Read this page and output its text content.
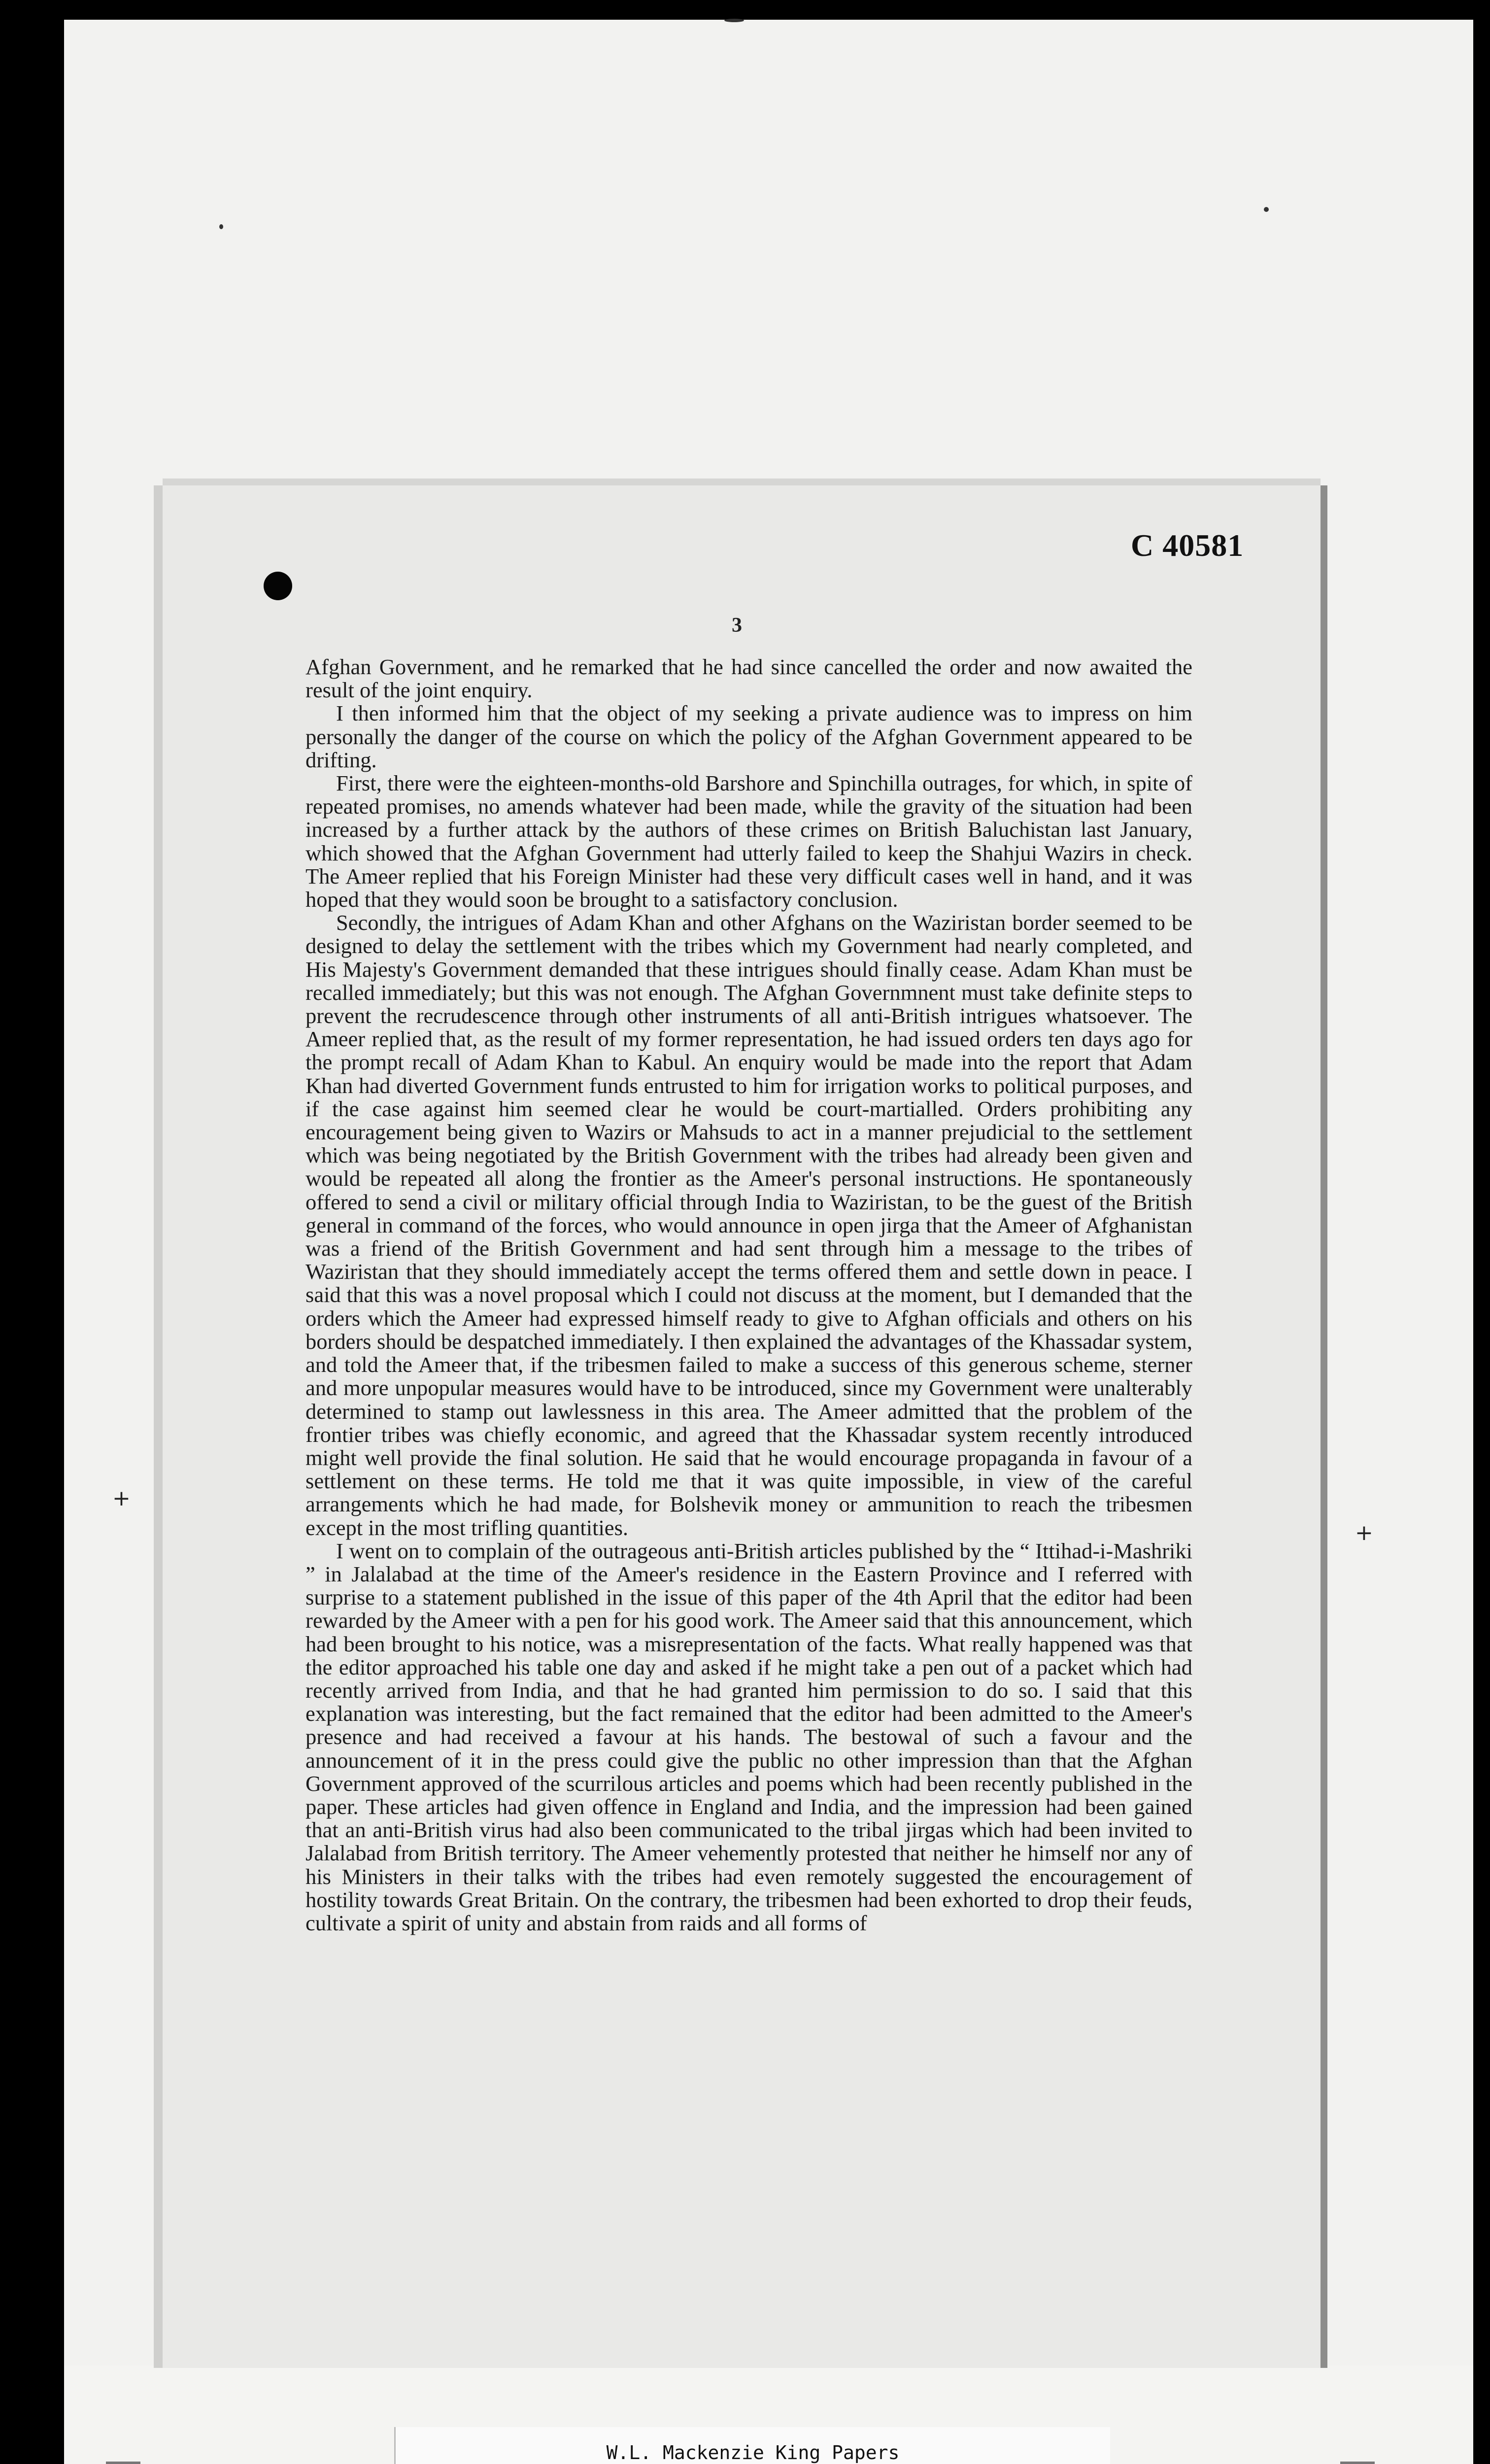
+
+
C 40581
3

Afghan Government, and he remarked that he had since cancelled the order and now awaited the result of the joint enquiry.

I then informed him that the object of my seeking a private audience was to impress on him personally the danger of the course on which the policy of the Afghan Government appeared to be drifting.

First, there were the eighteen-months-old Barshore and Spinchilla outrages, for which, in spite of repeated promises, no amends whatever had been made, while the gravity of the situation had been increased by a further attack by the authors of these crimes on British Baluchistan last January, which showed that the Afghan Government had utterly failed to keep the Shahjui Wazirs in check. The Ameer replied that his Foreign Minister had these very difficult cases well in hand, and it was hoped that they would soon be brought to a satisfactory conclusion.

Secondly, the intrigues of Adam Khan and other Afghans on the Waziristan border seemed to be designed to delay the settlement with the tribes which my Government had nearly completed, and His Majesty's Government demanded that these intrigues should finally cease. Adam Khan must be recalled immediately; but this was not enough. The Afghan Governmnent must take definite steps to prevent the recrudescence through other instruments of all anti-British intrigues whatsoever. The Ameer replied that, as the result of my former representation, he had issued orders ten days ago for the prompt recall of Adam Khan to Kabul. An enquiry would be made into the report that Adam Khan had diverted Government funds entrusted to him for irrigation works to political purposes, and if the case against him seemed clear he would be court-martialled. Orders prohibiting any encouragement being given to Wazirs or Mahsuds to act in a manner prejudicial to the settlement which was being negotiated by the British Government with the tribes had already been given and would be repeated all along the frontier as the Ameer's personal instructions. He spontaneously offered to send a civil or military official through India to Waziristan, to be the guest of the British general in command of the forces, who would announce in open jirga that the Ameer of Afghanistan was a friend of the British Government and had sent through him a message to the tribes of Waziristan that they should immediately accept the terms offered them and settle down in peace. I said that this was a novel proposal which I could not discuss at the moment, but I demanded that the orders which the Ameer had expressed himself ready to give to Afghan officials and others on his borders should be despatched immediately. I then explained the advantages of the Khassadar system, and told the Ameer that, if the tribesmen failed to make a success of this generous scheme, sterner and more unpopular measures would have to be introduced, since my Government were unalterably determined to stamp out lawlessness in this area. The Ameer admitted that the problem of the frontier tribes was chiefly economic, and agreed that the Khassadar system recently introduced might well provide the final solution. He said that he would encourage propaganda in favour of a settlement on these terms. He told me that it was quite impossible, in view of the careful arrangements which he had made, for Bolshevik money or ammunition to reach the tribesmen except in the most trifling quantities.

I went on to complain of the outrageous anti-British articles published by the “ Ittihad-i-Mashriki ” in Jalalabad at the time of the Ameer's residence in the Eastern Province and I referred with surprise to a statement published in the issue of this paper of the 4th April that the editor had been rewarded by the Ameer with a pen for his good work. The Ameer said that this announcement, which had been brought to his notice, was a misrepresentation of the facts. What really happened was that the editor approached his table one day and asked if he might take a pen out of a packet which had recently arrived from India, and that he had granted him permission to do so. I said that this explanation was interesting, but the fact remained that the editor had been admitted to the Ameer's presence and had received a favour at his hands. The bestowal of such a favour and the announcement of it in the press could give the public no other impression than that the Afghan Government approved of the scurrilous articles and poems which had been recently published in the paper. These articles had given offence in England and India, and the impression had been gained that an anti-British virus had also been communicated to the tribal jirgas which had been invited to Jalalabad from British territory. The Ameer vehemently protested that neither he himself nor any of his Ministers in their talks with the tribes had even remotely suggested the encouragement of hostility towards Great Britain. On the contrary, the tribesmen had been exhorted to drop their feuds, cultivate a spirit of unity and abstain from raids and all forms of

W.L. Mackenzie King Papers
